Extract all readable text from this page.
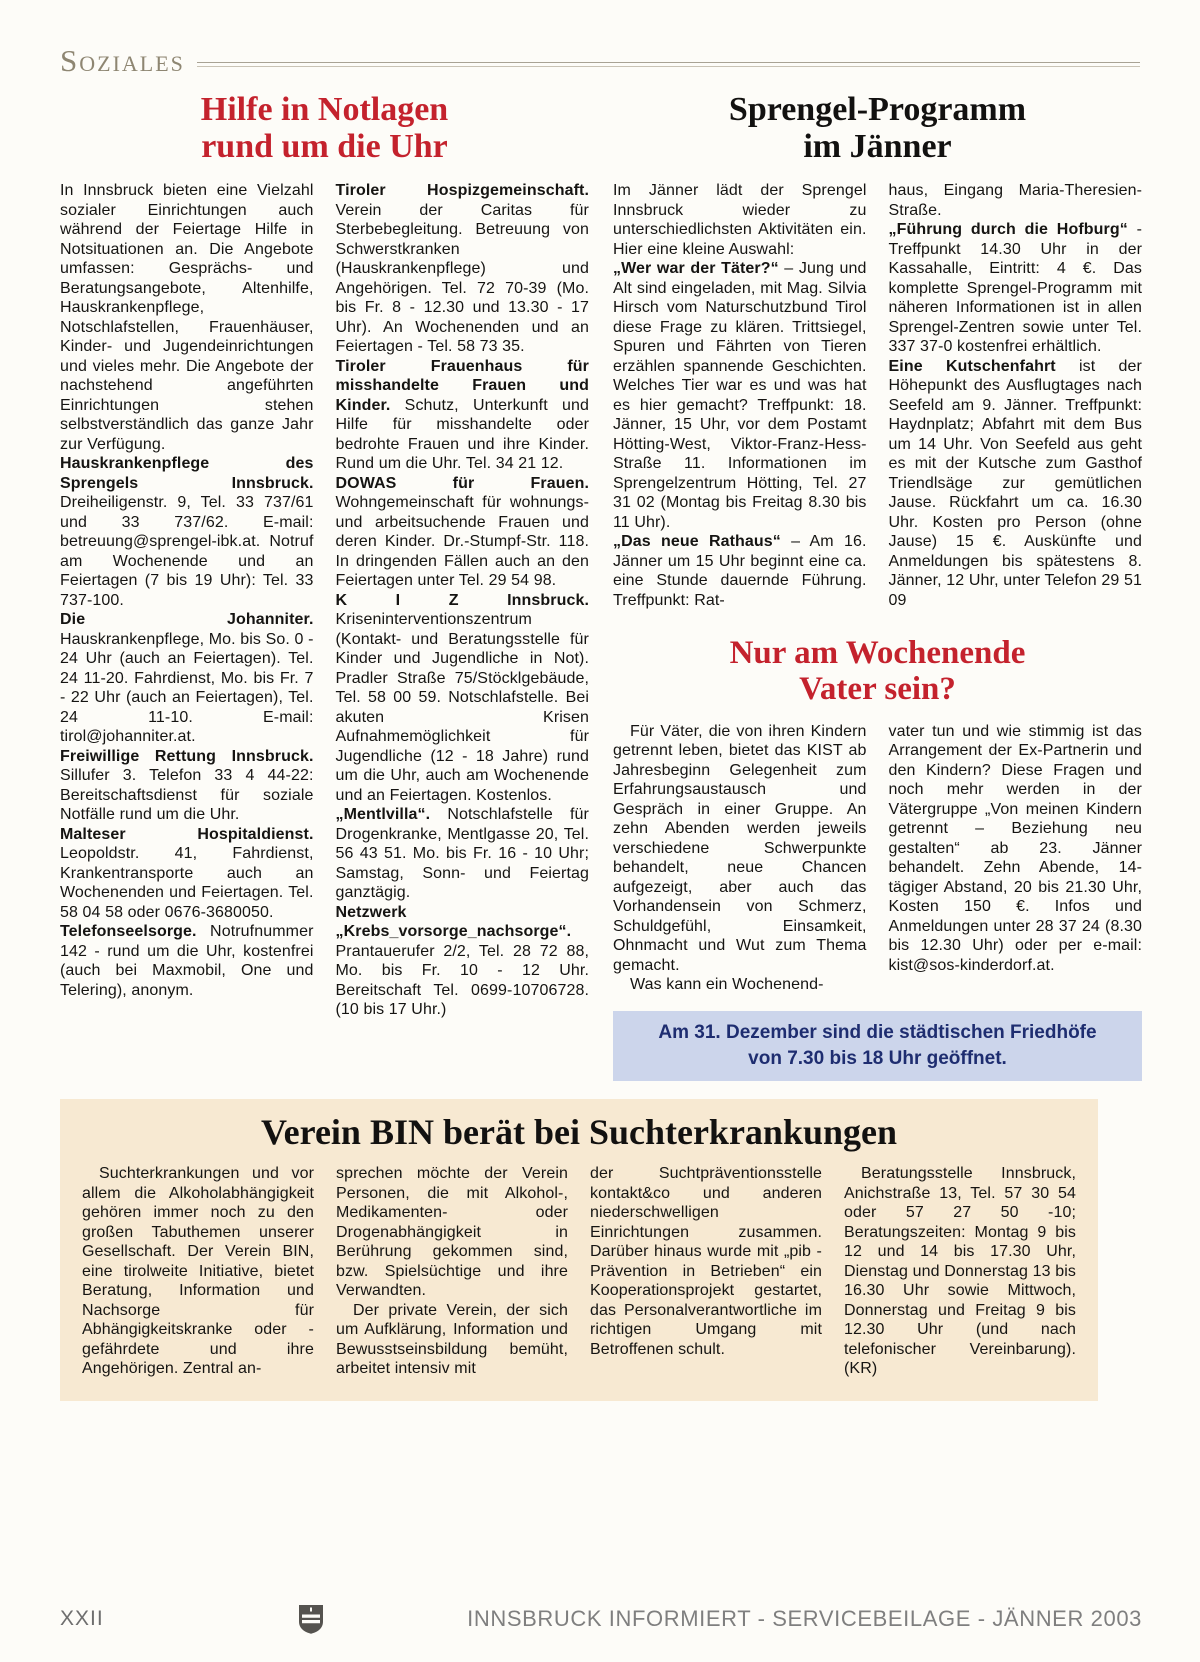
Soziales
Hilfe in Notlagen
rund um die Uhr

In Innsbruck bieten eine Vielzahl sozialer Einrichtungen auch während der Feiertage Hilfe in Notsituationen an. Die Angebote umfassen: Gesprächs- und Beratungsangebote, Altenhilfe, Hauskrankenpflege, Notschlafstellen, Frauenhäuser, Kinder- und Jugendeinrichtungen und vieles mehr. Die Angebote der nachstehend angeführten Einrichtungen stehen selbstverständlich das ganze Jahr zur Verfügung.

Hauskrankenpflege des Sprengels Innsbruck. Dreiheiligenstr. 9, Tel. 33 737/61 und 33 737/62. E-mail: betreuung@sprengel-ibk.at. Notruf am Wochenende und an Feiertagen (7 bis 19 Uhr): Tel. 33 737-100.

Die Johanniter. Hauskrankenpflege, Mo. bis So. 0 - 24 Uhr (auch an Feiertagen). Tel. 24 11-20. Fahrdienst, Mo. bis Fr. 7 - 22 Uhr (auch an Feiertagen), Tel. 24 11-10. E-mail: tirol@johanniter.at.

Freiwillige Rettung Innsbruck. Sillufer 3. Telefon 33 4 44-22: Bereitschaftsdienst für soziale Notfälle rund um die Uhr.

Malteser Hospitaldienst. Leopoldstr. 41, Fahrdienst, Krankentransporte auch an Wochenenden und Feiertagen. Tel. 58 04 58 oder 0676-3680050.

Telefonseelsorge. Notrufnummer 142 - rund um die Uhr, kostenfrei (auch bei Maxmobil, One und Telering), anonym.

Tiroler Hospizgemeinschaft. Verein der Caritas für Sterbebegleitung. Betreuung von Schwerstkranken (Hauskrankenpflege) und Angehörigen. Tel. 72 70-39 (Mo. bis Fr. 8 - 12.30 und 13.30 - 17 Uhr). An Wochenenden und an Feiertagen - Tel. 58 73 35.

Tiroler Frauenhaus für misshandelte Frauen und Kinder. Schutz, Unterkunft und Hilfe für misshandelte oder bedrohte Frauen und ihre Kinder. Rund um die Uhr. Tel. 34 21 12.

DOWAS für Frauen. Wohngemeinschaft für wohnungs- und arbeitsuchende Frauen und deren Kinder. Dr.-Stumpf-Str. 118. In dringenden Fällen auch an den Feiertagen unter Tel. 29 54 98.

K I Z Innsbruck. Kriseninterventionszentrum (Kontakt- und Beratungsstelle für Kinder und Jugendliche in Not). Pradler Straße 75/Stöcklgebäude, Tel. 58 00 59. Notschlafstelle. Bei akuten Krisen Aufnahmemöglichkeit für Jugendliche (12 - 18 Jahre) rund um die Uhr, auch am Wochenende und an Feiertagen. Kostenlos.

„Mentlvilla“. Notschlafstelle für Drogenkranke, Mentlgasse 20, Tel. 56 43 51. Mo. bis Fr. 16 - 10 Uhr; Samstag, Sonn- und Feiertag ganztägig.

Netzwerk „Krebs_vorsorge_nachsorge“. Prantauerufer 2/2, Tel. 28 72 88, Mo. bis Fr. 10 - 12 Uhr. Bereitschaft Tel. 0699-10706728. (10 bis 17 Uhr.)

Sprengel-Programm
im Jänner

Im Jänner lädt der Sprengel Innsbruck wieder zu unterschiedlichsten Aktivitäten ein. Hier eine kleine Auswahl:

„Wer war der Täter?“ – Jung und Alt sind eingeladen, mit Mag. Silvia Hirsch vom Naturschutzbund Tirol diese Frage zu klären. Trittsiegel, Spuren und Fährten von Tieren erzählen spannende Geschichten. Welches Tier war es und was hat es hier gemacht? Treffpunkt: 18. Jänner, 15 Uhr, vor dem Postamt Hötting-West, Viktor-Franz-Hess-Straße 11. Informationen im Sprengelzentrum Hötting, Tel. 27 31 02 (Montag bis Freitag 8.30 bis 11 Uhr).

„Das neue Rathaus“ – Am 16. Jänner um 15 Uhr beginnt eine ca. eine Stunde dauernde Führung. Treffpunkt: Rat-

haus, Eingang Maria-Theresien-Straße.

„Führung durch die Hofburg“ - Treffpunkt 14.30 Uhr in der Kassahalle, Eintritt: 4 €. Das komplette Sprengel-Programm mit näheren Informationen ist in allen Sprengel-Zentren sowie unter Tel. 337 37-0 kostenfrei erhältlich.

Eine Kutschenfahrt ist der Höhepunkt des Ausflugtages nach Seefeld am 9. Jänner. Treffpunkt: Haydnplatz; Abfahrt mit dem Bus um 14 Uhr. Von Seefeld aus geht es mit der Kutsche zum Gasthof Triendlsäge zur gemütlichen Jause. Rückfahrt um ca. 16.30 Uhr. Kosten pro Person (ohne Jause) 15 €. Auskünfte und Anmeldungen bis spätestens 8. Jänner, 12 Uhr, unter Telefon 29 51 09

Nur am Wochenende
Vater sein?

Für Väter, die von ihren Kindern getrennt leben, bietet das KIST ab Jahresbeginn Gelegenheit zum Erfahrungsaustausch und Gespräch in einer Gruppe. An zehn Abenden werden jeweils verschiedene Schwerpunkte behandelt, neue Chancen aufgezeigt, aber auch das Vorhandensein von Schmerz, Schuldgefühl, Einsamkeit, Ohnmacht und Wut zum Thema gemacht.

Was kann ein Wochenend-

vater tun und wie stimmig ist das Arrangement der Ex-Partnerin und den Kindern? Diese Fragen und noch mehr werden in der Vätergruppe „Von meinen Kindern getrennt – Beziehung neu gestalten“ ab 23. Jänner behandelt. Zehn Abende, 14-tägiger Abstand, 20 bis 21.30 Uhr, Kosten 150 €. Infos und Anmeldungen unter 28 37 24 (8.30 bis 12.30 Uhr) oder per e-mail: kist@sos-kinderdorf.at.

Am 31. Dezember sind die städtischen Friedhöfe
von 7.30 bis 18 Uhr geöffnet.
Verein BIN berät bei Suchterkrankungen

Suchterkrankungen und vor allem die Alkoholabhängigkeit gehören immer noch zu den großen Tabuthemen unserer Gesellschaft. Der Verein BIN, eine tirolweite Initiative, bietet Beratung, Information und Nachsorge für Abhängigkeitskranke oder -gefährdete und ihre Angehörigen. Zentral an-

sprechen möchte der Verein Personen, die mit Alkohol-, Medikamenten- oder Drogenabhängigkeit in Berührung gekommen sind, bzw. Spielsüchtige und ihre Verwandten.

Der private Verein, der sich um Aufklärung, Information und Bewusstseinsbildung bemüht, arbeitet intensiv mit

der Suchtpräventionsstelle kontakt&co und anderen niederschwelligen Einrichtungen zusammen. Darüber hinaus wurde mit „pib - Prävention in Betrieben“ ein Kooperationsprojekt gestartet, das Personalverantwortliche im richtigen Umgang mit Betroffenen schult.

Beratungsstelle Innsbruck, Anichstraße 13, Tel. 57 30 54 oder 57 27 50 -10; Beratungszeiten: Montag 9 bis 12 und 14 bis 17.30 Uhr, Dienstag und Donnerstag 13 bis 16.30 Uhr sowie Mittwoch, Donnerstag und Freitag 9 bis 12.30 Uhr (und nach telefonischer Vereinbarung). (KR)

XXII	INNSBRUCK INFORMIERT - SERVICEBEILAGE - JÄNNER 2003
